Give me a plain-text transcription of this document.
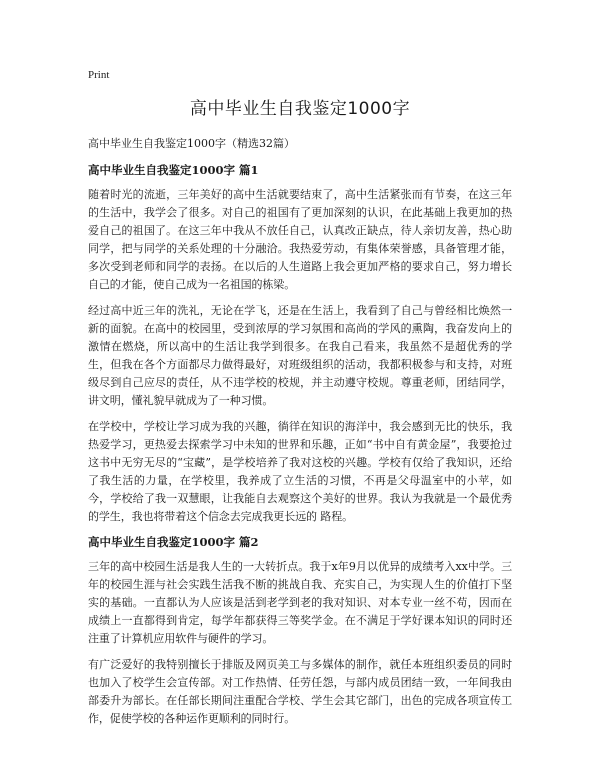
Print
高中毕业生自我鉴定1000字
高中毕业生自我鉴定1000字（精选32篇）
高中毕业生自我鉴定1000字 篇1

随着时光的流逝，三年美好的高中生活就要结束了，高中生活紧张而有节奏，在这三年的生活中，我学会了很多。对自己的祖国有了更加深刻的认识，在此基础上我更加的热爱自己的祖国了。在这三年中我从不放任自己，认真改正缺点，待人亲切友善，热心助同学，把与同学的关系处理的十分融洽。我热爱劳动，有集体荣誉感，具备管理才能，多次受到老师和同学的表扬。在以后的人生道路上我会更加严格的要求自己，努力增长自己的才能，使自己成为一名祖国的栋梁。

经过高中近三年的洗礼，无论在学飞，还是在生活上，我看到了自己与曾经相比焕然一新的面貌。在高中的校园里，受到浓厚的学习氛围和高尚的学风的熏陶，我奋发向上的激情在燃烧，所以高中的生活让我学到很多。在我自己看来，我虽然不是超优秀的学生，但我在各个方面都尽力做得最好，对班级组织的活动，我都积极参与和支持，对班级尽到自己应尽的责任，从不违学校的校规，并主动遵守校规。尊重老师，团结同学，讲文明，懂礼貌早就成为了一种习惯。

在学校中，学校让学习成为我的兴趣，徜徉在知识的海洋中，我会感到无比的快乐，我热爱学习，更热爱去探索学习中未知的世界和乐趣，正如“书中自有黄金屋”，我要抢过这书中无穷无尽的“宝藏”，是学校培养了我对这校的兴趣。学校有仅给了我知识，还给了我生活的力量，在学校里，我养成了立生活的习惯，不再是父母温室中的小苹，如今，学校给了我一双慧眼，让我能自去观察这个美好的世界。我认为我就是一个最优秀的学生，我也将带着这个信念去完成我更长远的 路程。

高中毕业生自我鉴定1000字 篇2

三年的高中校园生活是我人生的一大转折点。我于x年9月以优异的成绩考入xx中学。三年的校园生涯与社会实践生活我不断的挑战自我、充实自己，为实现人生的价值打下坚实的基础。一直都认为人应该是活到老学到老的我对知识、对本专业一丝不苟，因而在成绩上一直都得到肯定，每学年都获得三等奖学金。在不满足于学好课本知识的同时还注重了计算机应用软件与硬件的学习。

有广泛爱好的我特别擅长于排版及网页美工与多媒体的制作，就任本班组织委员的同时也加入了校学生会宣传部。对工作热情、任劳任怨，与部内成员团结一致，一年间我由部委升为部长。在任部长期间注重配合学校、学生会其它部门，出色的完成各项宣传工作，促使学校的各种运作更顺利的同时行。
